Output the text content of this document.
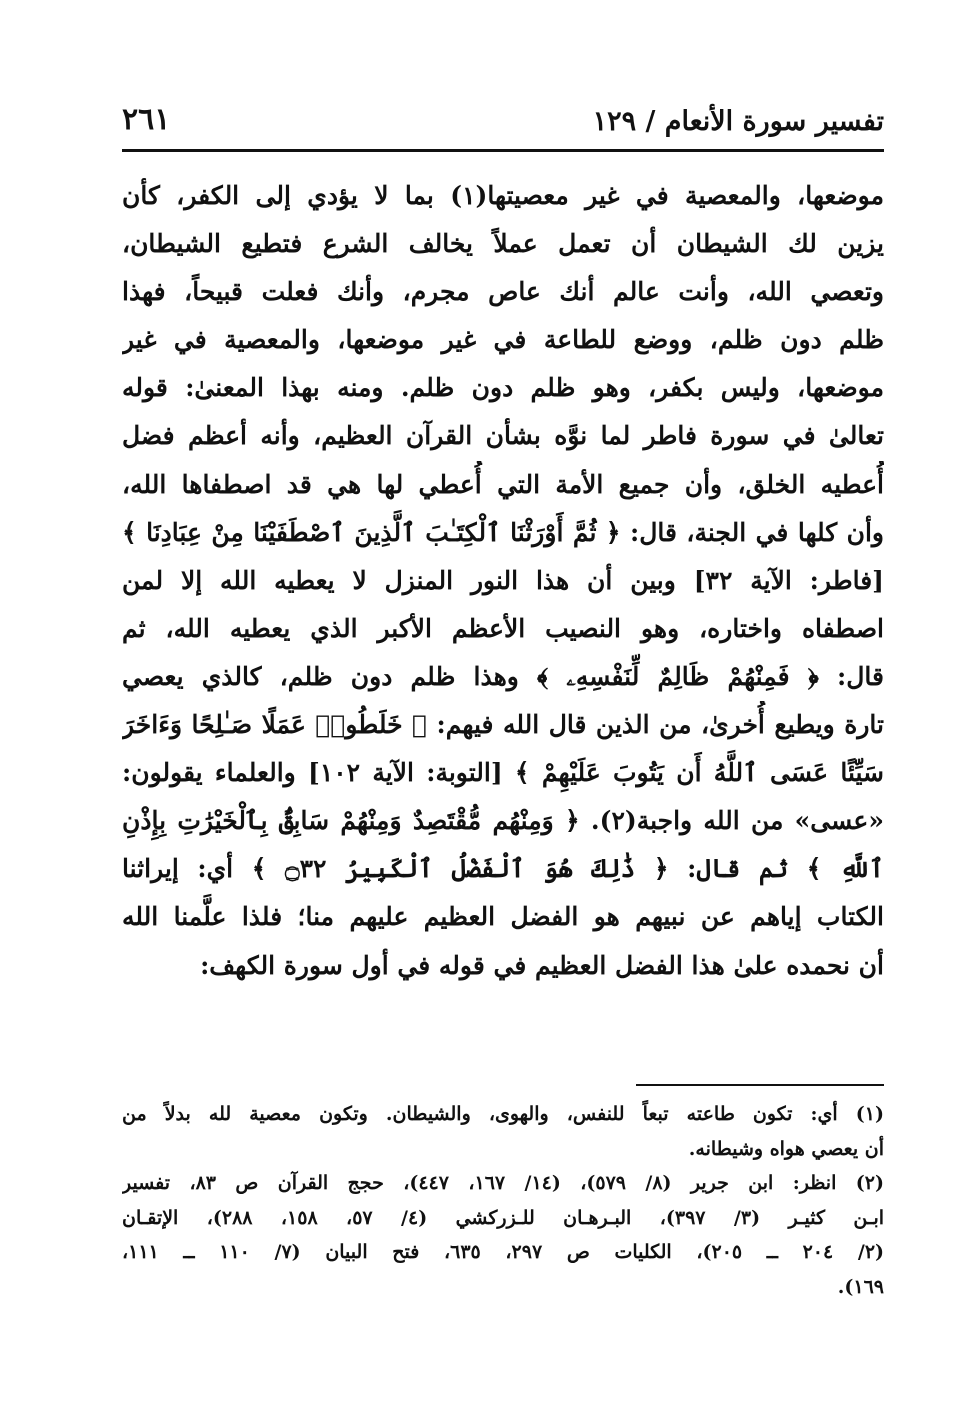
تفسير سورة الأنعام / ١٢٩
٢٦١
موضعها، والمعصية في غير معصيتها(١) بما لا يؤدي إلى الكفر، كأن
يزين لك الشيطان أن تعمل عملاً يخالف الشرع فتطيع الشيطان،
وتعصي الله، وأنت عالم أنك عاص مجرم، وأنك فعلت قبيحاً، فهذا
ظلم دون ظلم، ووضع للطاعة في غير موضعها، والمعصية في غير
موضعها، وليس بكفر، وهو ظلم دون ظلم. ومنه بهذا المعنىٰ: قوله
تعالىٰ في سورة فاطر لما نوَّه بشأن القرآن العظيم، وأنه أعظم فضل
أُعطيه الخلق، وأن جميع الأمة التي أُعطي لها هي قد اصطفاها الله،
وأن كلها في الجنة، قال: ﴿ ثُمَّ أَوْرَثْنَا ٱلْكِتَـٰبَ ٱلَّذِينَ ٱصْطَفَيْنَا مِنْ عِبَادِنَا ﴾
[فاطر: الآية ٣٢] وبين أن هذا النور المنزل لا يعطيه الله إلا لمن
اصطفاه واختاره، وهو النصيب الأعظم الأكبر الذي يعطيه الله، ثم
قال: ﴿ فَمِنْهُمْ ظَالِمٌ لِّنَفْسِهِۦ ﴾ وهذا ظلم دون ظلم، كالذي يعصي
تارة ويطيع أُخرىٰ، من الذين قال الله فيهم: ﴿ خَلَطُوا۟ عَمَلًا صَـٰلِحًا وَءَاخَرَ
سَيِّئًا عَسَى ٱللَّهُ أَن يَتُوبَ عَلَيْهِمْ ﴾ [التوبة: الآية ١٠٢] والعلماء يقولون:
«عسى» من الله واجبة(٢). ﴿ وَمِنْهُم مُّقْتَصِدٌ وَمِنْهُمْ سَابِقٌۢ بِٱلْخَيْرَٰتِ بِإِذْنِ
ٱللَّهِ ﴾ ثم قال: ﴿ ذَٰلِكَ هُوَ ٱلْفَضْلُ ٱلْكَبِيرُ ۝٣٢ ﴾ أي: إيراثنا
الكتاب إياهم عن نبيهم هو الفضل العظيم عليهم منا؛ فلذا علَّمنا الله
أن نحمده علىٰ هذا الفضل العظيم في قوله في أول سورة الكهف:
(١) أي: تكون طاعته تبعاً للنفس، والهوى، والشيطان. وتكون معصية لله بدلاً من
أن يعصي هواه وشيطانه.
(٢) انظر: ابن جرير (٨/ ٥٧٩)، (١٤/ ١٦٧، ٤٤٧)، حجج القرآن ص ٨٣، تفسير
ابـن كثيـر (٣/ ٣٩٧)، البـرهـان للـزركشي (٤/ ٥٧، ١٥٨، ٢٨٨)، الإتقـان
(٢/ ٢٠٤ ــ ٢٠٥)، الكليات ص ٢٩٧، ٦٣٥، فتح البيان (٧/ ١١٠ ــ ١١١،
١٦٩).
